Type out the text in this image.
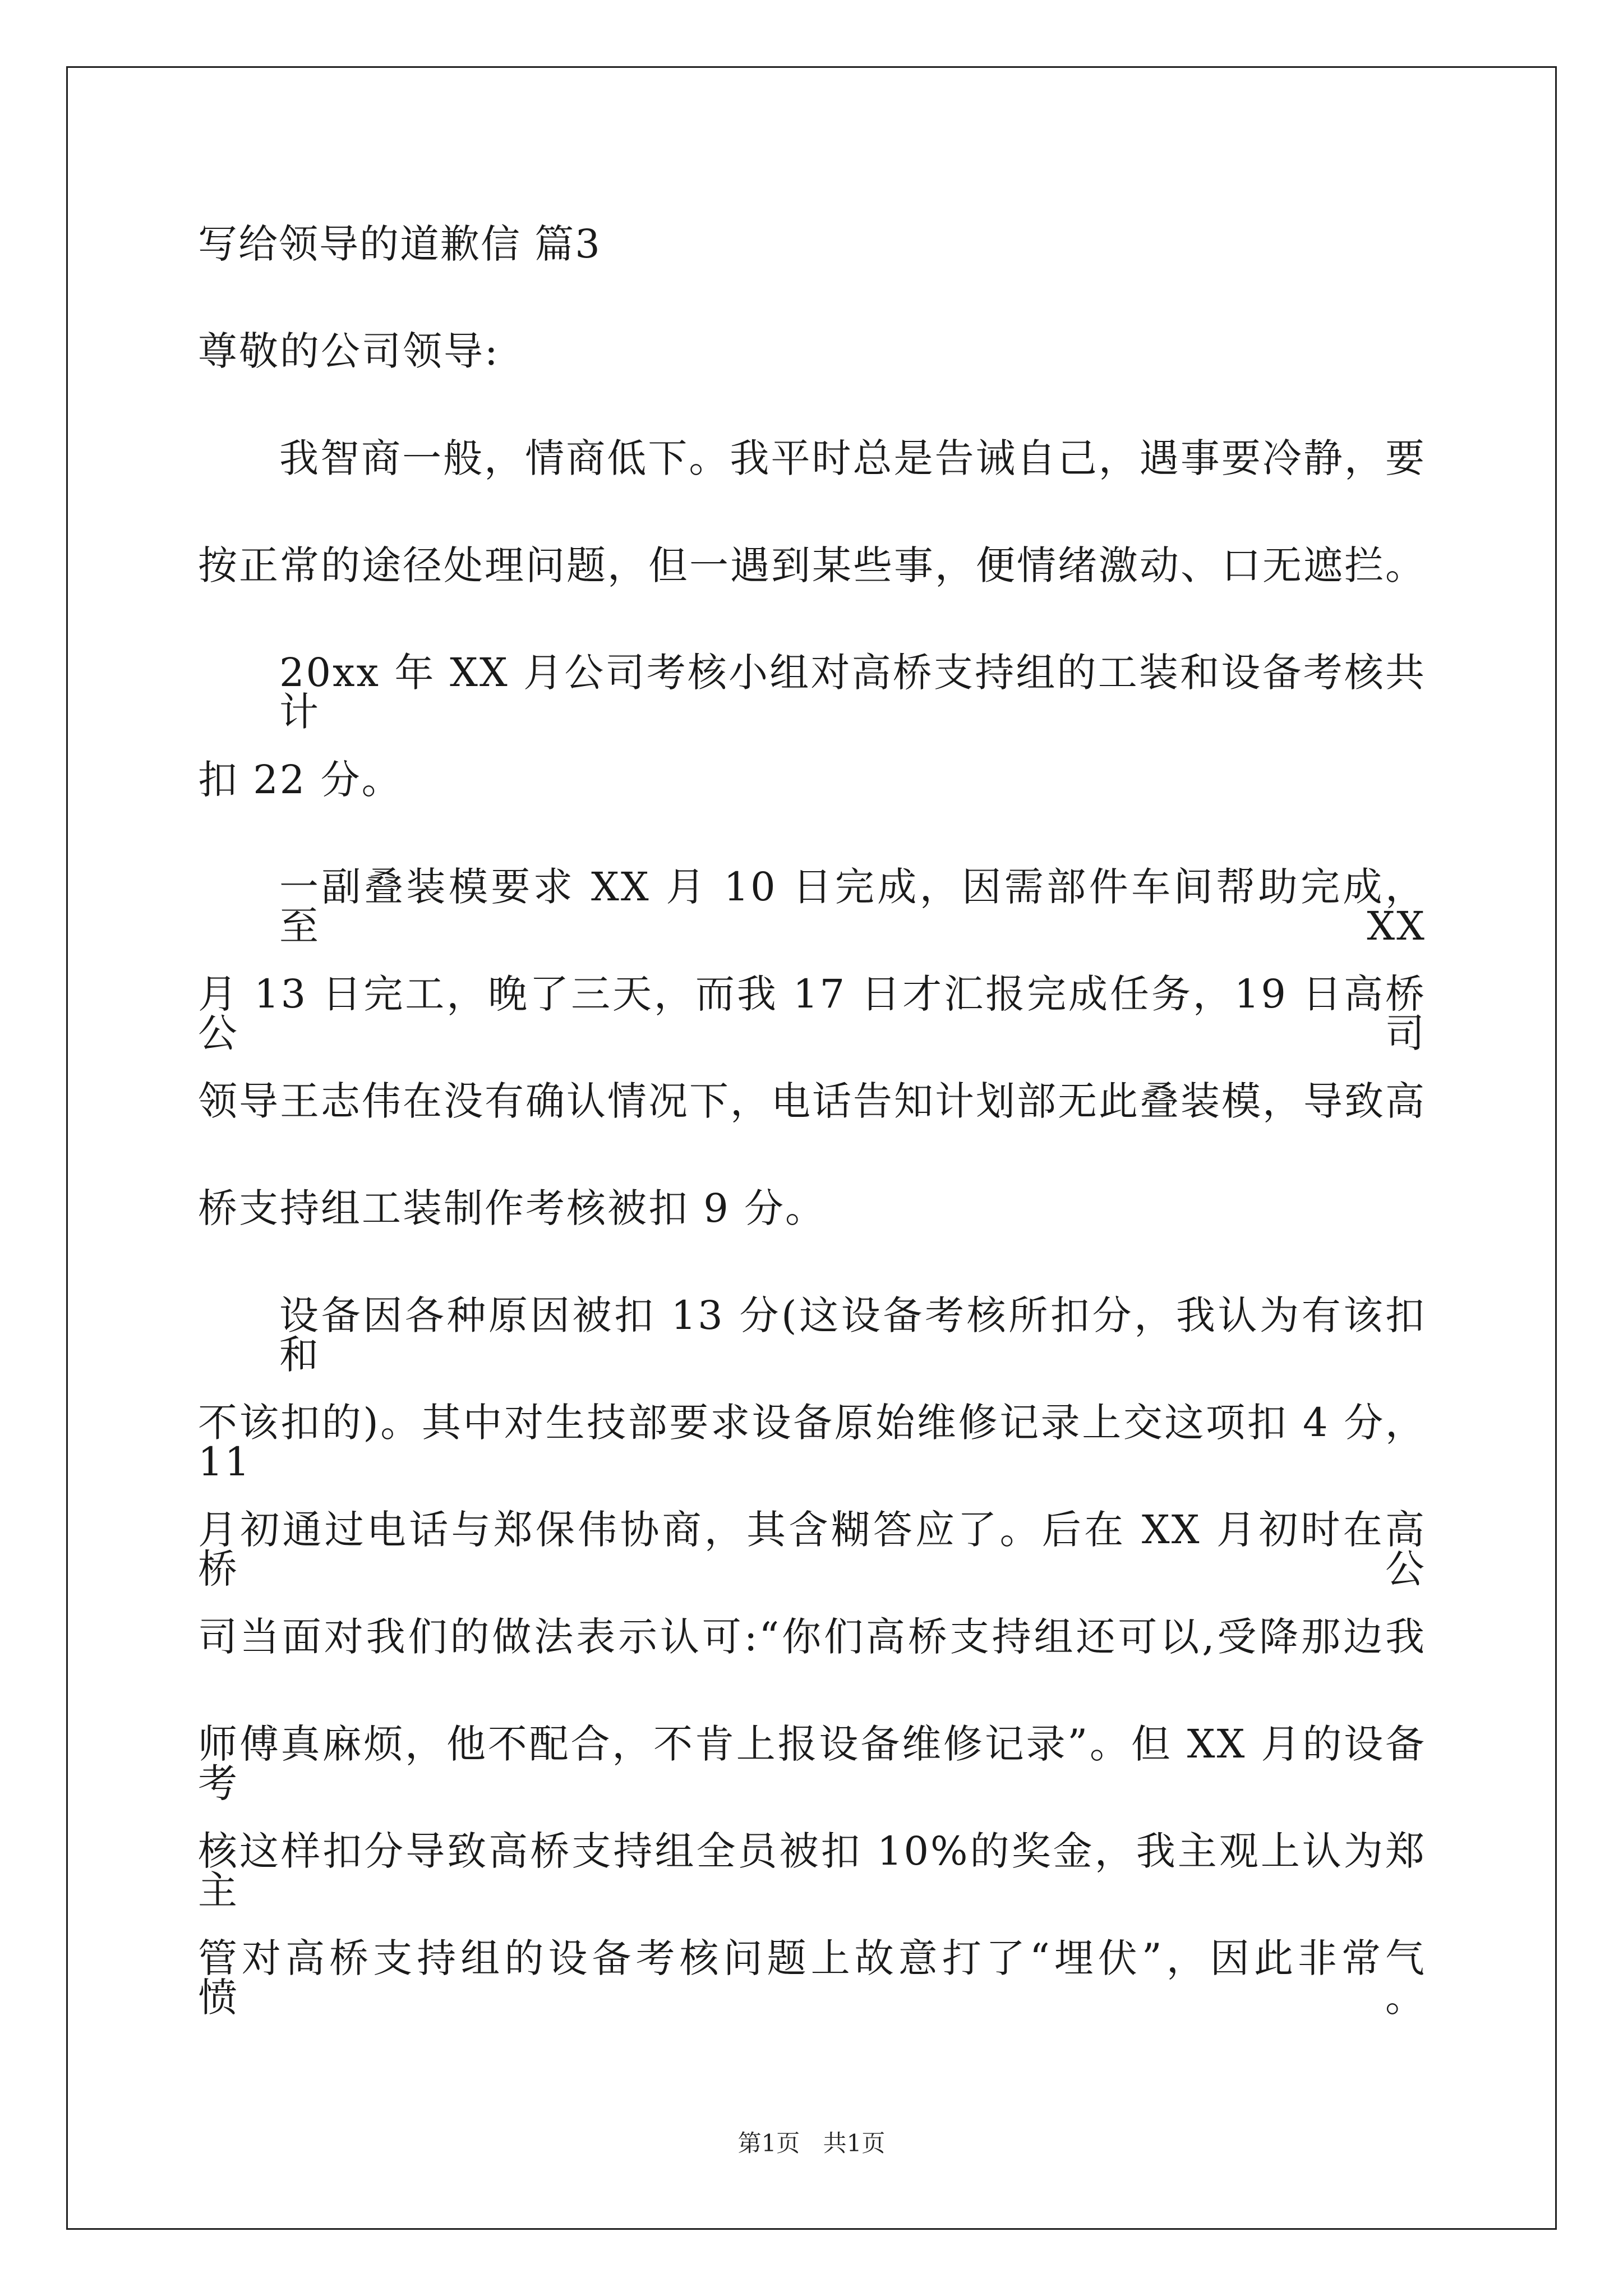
写给领导的道歉信 篇3
尊敬的公司领导:
我智商一般，情商低下。我平时总是告诫自己，遇事要冷静，要
按正常的途径处理问题，但一遇到某些事，便情绪激动、口无遮拦。
20xx 年 XX 月公司考核小组对高桥支持组的工装和设备考核共计
扣 22 分。
一副叠装模要求 XX 月 10 日完成，因需部件车间帮助完成，至 XX
月 13 日完工，晚了三天，而我 17 日才汇报完成任务，19 日高桥公司
领导王志伟在没有确认情况下，电话告知计划部无此叠装模，导致高
桥支持组工装制作考核被扣 9 分。
设备因各种原因被扣 13 分(这设备考核所扣分，我认为有该扣和
不该扣的)。其中对生技部要求设备原始维修记录上交这项扣 4 分，11
月初通过电话与郑保伟协商，其含糊答应了。后在 XX 月初时在高桥公
司当面对我们的做法表示认可:“你们高桥支持组还可以,受降那边我
师傅真麻烦，他不配合，不肯上报设备维修记录”。但 XX 月的设备考
核这样扣分导致高桥支持组全员被扣 10%的奖金，我主观上认为郑主
管对高桥支持组的设备考核问题上故意打了“埋伏”，因此非常气愤。
第1页 共1页
